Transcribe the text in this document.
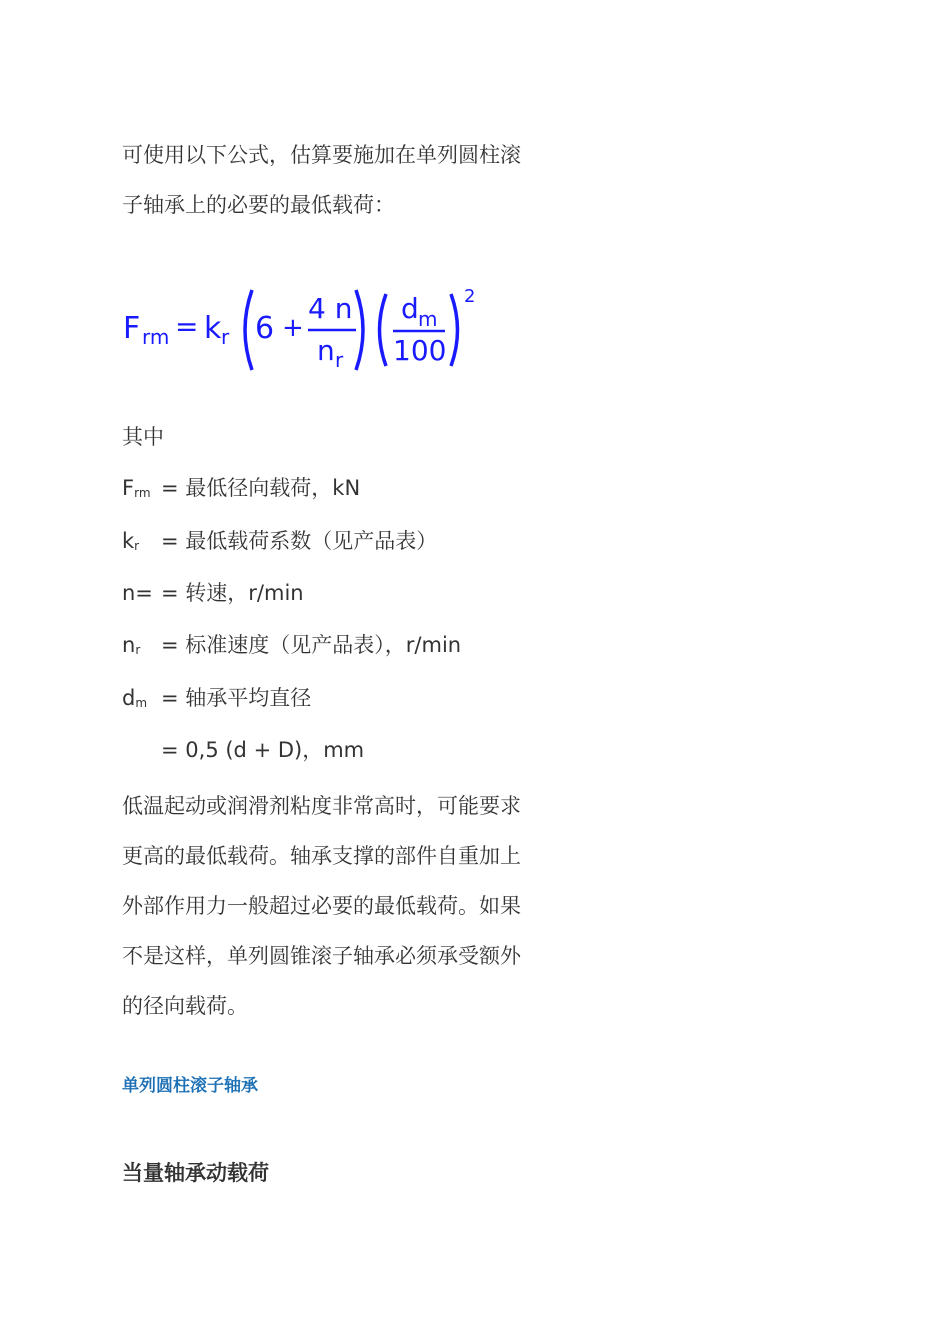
可使用以下公式，估算要施加在单列圆柱滚
子轴承上的必要的最低载荷：
F rm = k r 6 +
4 n
n r
d m
100
2
其中
$F_{rm}$ = 最低径向载荷，kN
$k_r$ = 最低载荷系数（见产品表）
n= = 转速，r/min
$n_r$ = 标准速度（见产品表），r/min
$d_m$ = 轴承平均直径
= 0,5 (d + D)，mm
低温起动或润滑剂粘度非常高时，可能要求
更高的最低载荷。轴承支撑的部件自重加上
外部作用力一般超过必要的最低载荷。如果
不是这样，单列圆锥滚子轴承必须承受额外
的径向载荷。
单列圆柱滚子轴承
当量轴承动载荷
